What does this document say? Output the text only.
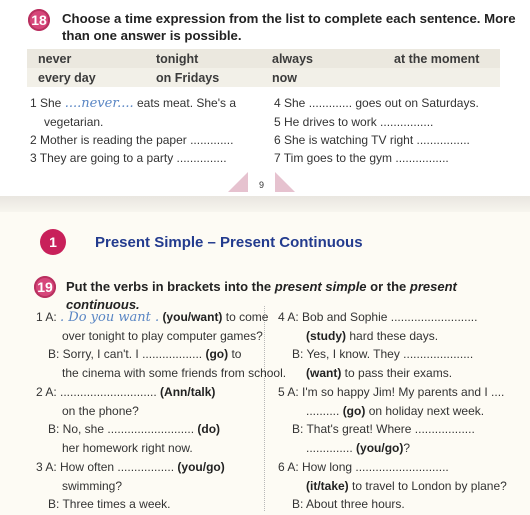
18 Choose a time expression from the list to complete each sentence. More
than one answer is possible.
never	tonight	always	at the moment
every day	on Fridays	now
1 She ....never.... eats meat. She's a
vegetarian.
2 Mother is reading the paper .............
3 They are going to a party ...............
4 She ............. goes out on Saturdays.
5 He drives to work ................
6 She is watching TV right ................
7 Tim goes to the gym ................
9
1	Present Simple – Present Continuous
19 Put the verbs in brackets into the present simple or the present continuous.
1 A: . Do you want . (you/want) to come
over tonight to play computer games?
B: Sorry, I can't. I .................. (go) to
the cinema with some friends from school.
2 A: ............................. (Ann/talk)
on the phone?
B: No, she .......................... (do)
her homework right now.
3 A: How often ................. (you/go)
swimming?
B: Three times a week.
4 A: Bob and Sophie ..........................
(study) hard these days.
B: Yes, I know. They .....................
(want) to pass their exams.
5 A: I'm so happy Jim! My parents and I ....
.......... (go) on holiday next week.
B: That's great! Where ..................
.............. (you/go)?
6 A: How long ............................
(it/take) to travel to London by plane?
B: About three hours.
